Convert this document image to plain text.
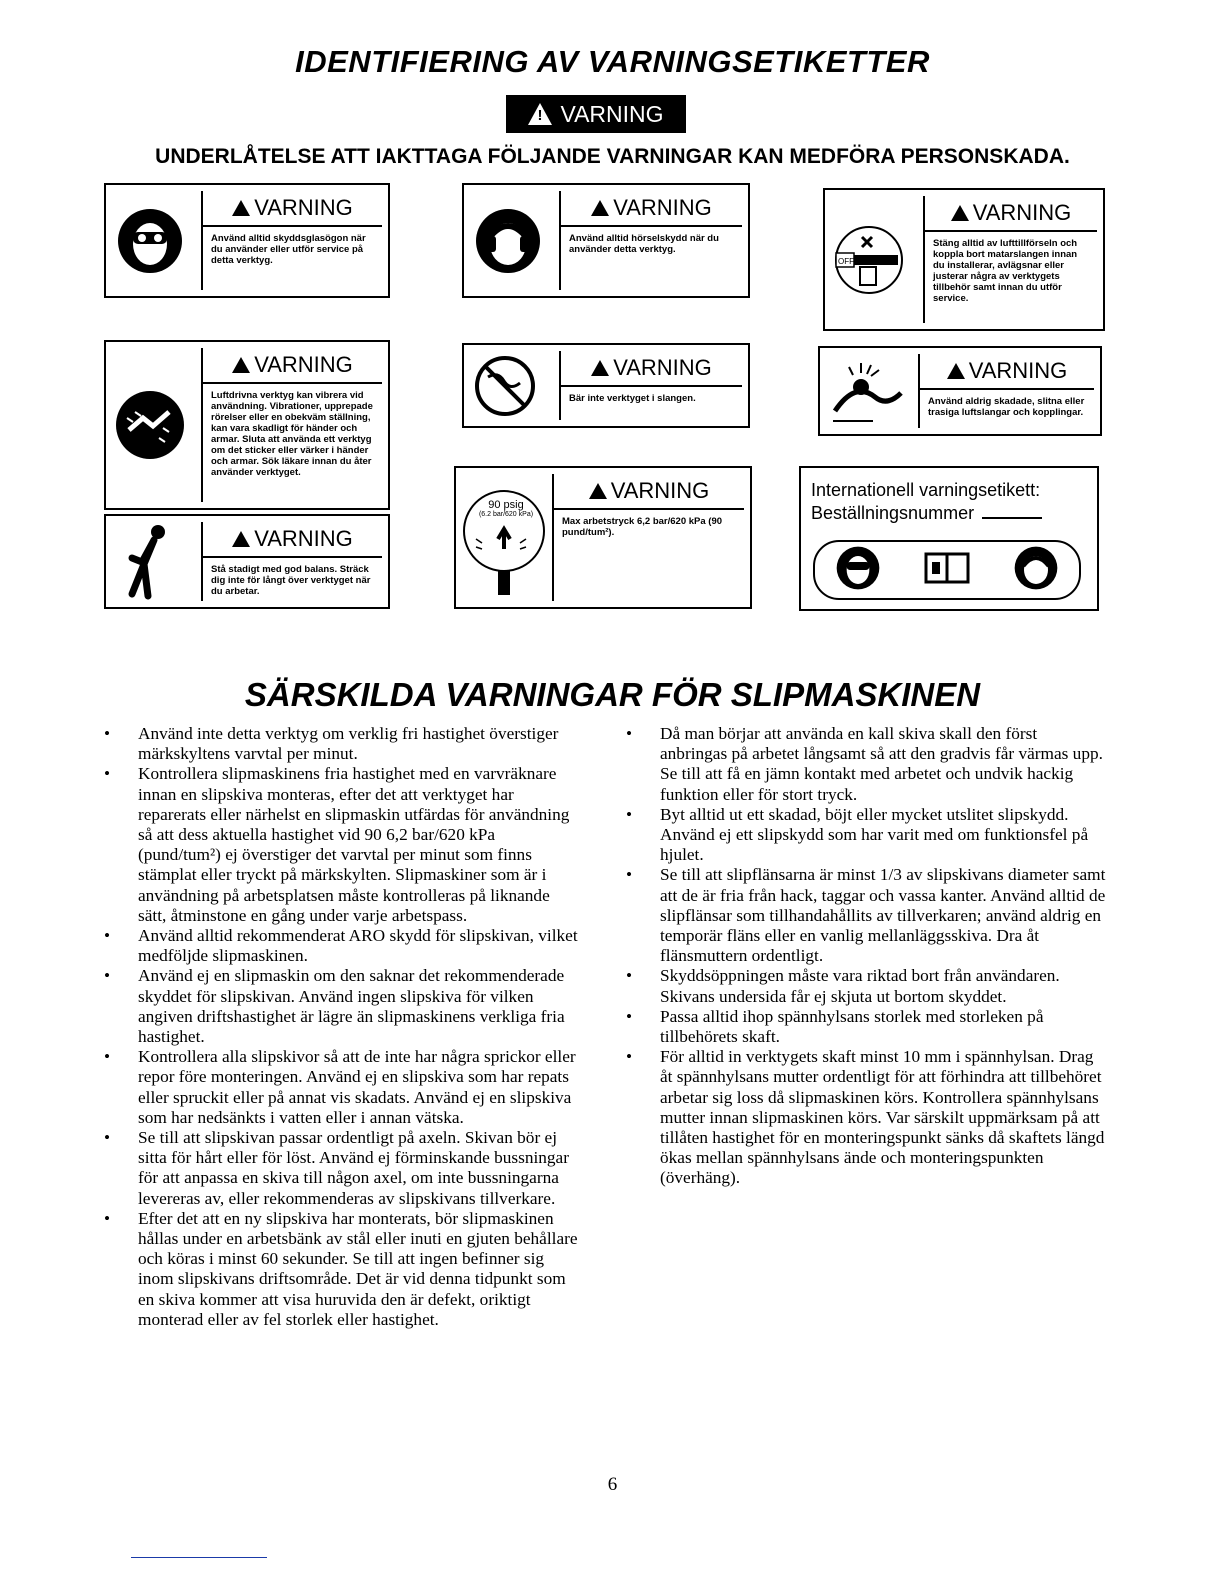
IDENTIFIERING AV VARNINGSETIKETTER
!
VARNING
UNDERLÅTELSE ATT IAKTTAGA FÖLJANDE VARNINGAR KAN MEDFÖRA PERSONSKADA.
VARNING
Använd alltid skyddsglasögon när du använder eller utför service på detta verktyg.
VARNING
Använd alltid hörselskydd när du använder detta verktyg.
OFF
VARNING
Stäng alltid av lufttillförseln och koppla bort matarslangen innan du installerar, avlägsnar eller justerar några av verktygets tillbehör samt innan du utför service.
VARNING
Luftdrivna verktyg kan vibrera vid användning. Vibrationer, upprepade rörelser eller en obekväm ställning, kan vara skadligt för händer och armar. Sluta att använda ett verktyg om det sticker eller värker i händer och armar. Sök läkare innan du åter använder verktyget.
VARNING
Bär inte verktyget i slangen.
VARNING
Använd aldrig skadade, slitna eller trasiga luftslangar och kopplingar.
VARNING
Stå stadigt med god balans. Sträck dig inte för långt över verktyget när du arbetar.
90 psig
(6.2 bar/620 kPa)
VARNING
Max arbetstryck 6,2 bar/620 kPa (90 pund/tum²).
Internationell varningsetikett:
Beställningsnummer
SÄRSKILDA VARNINGAR FÖR SLIPMASKINEN
• Använd inte detta verktyg om verklig fri hastighet överstiger märkskyltens varvtal per minut.
• Kontrollera slipmaskinens fria hastighet med en varvräknare innan en slipskiva monteras, efter det att verktyget har reparerats eller närhelst en slipmaskin utfärdas för användning så att dess aktuella hastighet vid 90 6,2 bar/620 kPa (pund/tum²) ej överstiger det varvtal per minut som finns stämplat eller tryckt på märkskylten. Slipmaskiner som är i användning på arbetsplatsen måste kontrolleras på liknande sätt, åtminstone en gång under varje arbetspass.
• Använd alltid rekommenderat ARO skydd för slipskivan, vilket medföljde slipmaskinen.
• Använd ej en slipmaskin om den saknar det rekommenderade skyddet för slipskivan. Använd ingen slipskiva för vilken angiven driftshastighet är lägre än slipmaskinens verkliga fria hastighet.
• Kontrollera alla slipskivor så att de inte har några sprickor eller repor före monteringen. Använd ej en slipskiva som har repats eller spruckit eller på annat vis skadats. Använd ej en slipskiva som har nedsänkts i vatten eller i annan vätska.
• Se till att slipskivan passar ordentligt på axeln. Skivan bör ej sitta för hårt eller för löst. Använd ej förminskande bussningar för att anpassa en skiva till någon axel, om inte bussningarna levereras av, eller rekommenderas av slipskivans tillverkare.
• Efter det att en ny slipskiva har monterats, bör slipmaskinen hållas under en arbetsbänk av stål eller inuti en gjuten behållare och köras i minst 60 sekunder. Se till att ingen befinner sig inom slipskivans driftsområde. Det är vid denna tidpunkt som en skiva kommer att visa huruvida den är defekt, oriktigt monterad eller av fel storlek eller hastighet.
• Då man börjar att använda en kall skiva skall den först anbringas på arbetet långsamt så att den gradvis får värmas upp. Se till att få en jämn kontakt med arbetet och undvik hackig funktion eller för stort tryck.
• Byt alltid ut ett skadad, böjt eller mycket utslitet slipskydd. Använd ej ett slipskydd som har varit med om funktionsfel på hjulet.
• Se till att slipflänsarna är minst 1/3 av slipskivans diameter samt att de är fria från hack, taggar och vassa kanter. Använd alltid de slipflänsar som tillhandahållits av tillverkaren; använd aldrig en temporär fläns eller en vanlig mellanläggsskiva. Dra åt flänsmuttern ordentligt.
• Skyddsöppningen måste vara riktad bort från användaren. Skivans undersida får ej skjuta ut bortom skyddet.
• Passa alltid ihop spännhylsans storlek med storleken på tillbehörets skaft.
• För alltid in verktygets skaft minst 10 mm i spännhylsan. Drag åt spännhylsans mutter ordentligt för att förhindra att tillbehöret arbetar sig loss då slipmaskinen körs. Kontrollera spännhylsans mutter innan slipmaskinen körs. Var särskilt uppmärksam på att tillåten hastighet för en monteringspunkt sänks då skaftets längd ökas mellan spännhylsans ände och monteringspunkten (överhäng).
6
